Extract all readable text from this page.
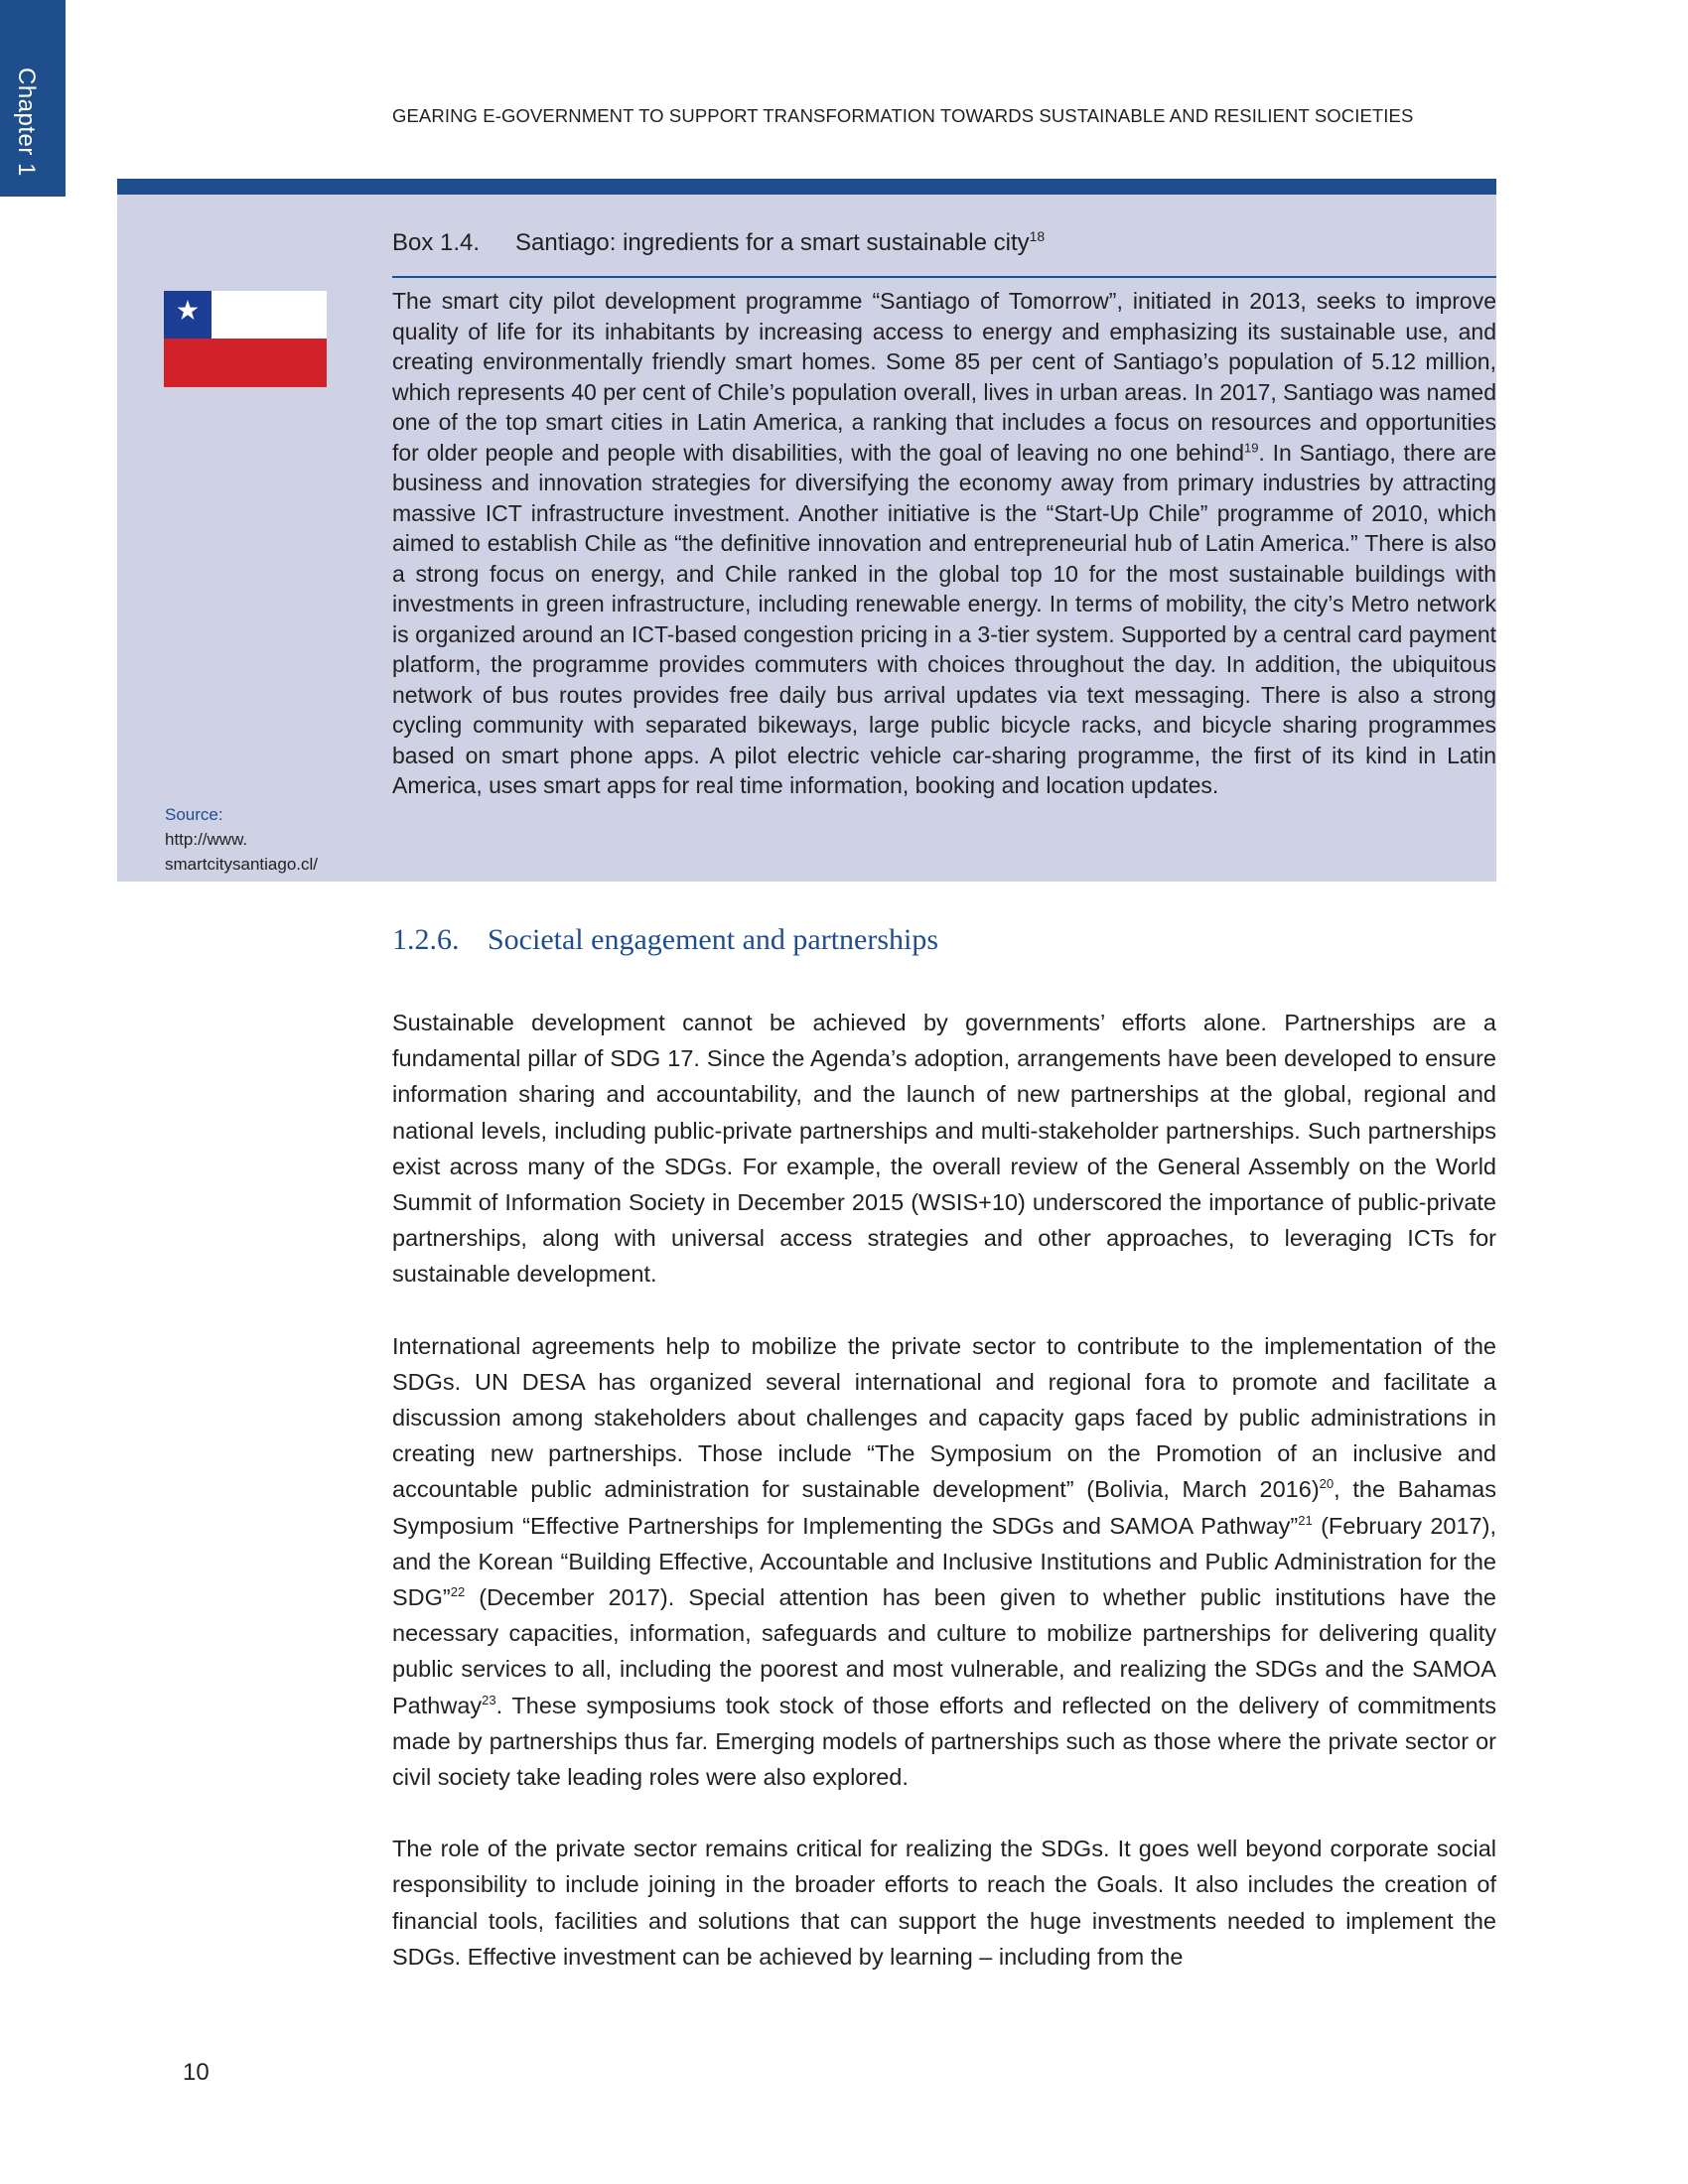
Chapter 1	GEARING E-GOVERNMENT TO SUPPORT TRANSFORMATION TOWARDS SUSTAINABLE AND RESILIENT SOCIETIES
Box 1.4. Santiago: ingredients for a smart sustainable city$^{18}$
Source:
http://www.
smartcitysantiago.cl/
The smart city pilot development programme “Santiago of Tomorrow”, initiated in 2013, seeks to improve quality of life for its inhabitants by increasing access to energy and emphasizing its sustainable use, and creating environmentally friendly smart homes. Some 85 per cent of Santiago’s population of 5.12 million, which represents 40 per cent of Chile’s population overall, lives in urban areas. In 2017, Santiago was named one of the top smart cities in Latin America, a ranking that includes a focus on resources and opportunities for older people and people with disabilities, with the goal of leaving no one behind$^{19}$. In Santiago, there are business and innovation strategies for diversifying the economy away from primary industries by attracting massive ICT infrastructure investment. Another initiative is the “Start-Up Chile” programme of 2010, which aimed to establish Chile as “the definitive innovation and entrepreneurial hub of Latin America.” There is also a strong focus on energy, and Chile ranked in the global top 10 for the most sustainable buildings with investments in green infrastructure, including renewable energy. In terms of mobility, the city’s Metro network is organized around an ICT-based congestion pricing in a 3-tier system. Supported by a central card payment platform, the programme provides commuters with choices throughout the day. In addition, the ubiquitous network of bus routes provides free daily bus arrival updates via text messaging. There is also a strong cycling community with separated bikeways, large public bicycle racks, and bicycle sharing programmes based on smart phone apps. A pilot electric vehicle car-sharing programme, the first of its kind in Latin America, uses smart apps for real time information, booking and location updates.
1.2.6. Societal engagement and partnerships

Sustainable development cannot be achieved by governments’ efforts alone. Partnerships are a fundamental pillar of SDG 17. Since the Agenda’s adoption, arrangements have been developed to ensure information sharing and accountability, and the launch of new partnerships at the global, regional and national levels, including public-private partnerships and multi-stakeholder partnerships. Such partnerships exist across many of the SDGs. For example, the overall review of the General Assembly on the World Summit of Information Society in December 2015 (WSIS+10) underscored the importance of public-private partnerships, along with universal access strategies and other approaches, to leveraging ICTs for sustainable development.

International agreements help to mobilize the private sector to contribute to the implementation of the SDGs. UN DESA has organized several international and regional fora to promote and facilitate a discussion among stakeholders about challenges and capacity gaps faced by public administrations in creating new partnerships. Those include “The Symposium on the Promotion of an inclusive and accountable public administration for sustainable development” (Bolivia, March 2016)$^{20}$, the Bahamas Symposium “Effective Partnerships for Implementing the SDGs and SAMOA Pathway”$^{21}$ (February 2017), and the Korean “Building Effective, Accountable and Inclusive Institutions and Public Administration for the SDG”$^{22}$ (December 2017). Special attention has been given to whether public institutions have the necessary capacities, information, safeguards and culture to mobilize partnerships for delivering quality public services to all, including the poorest and most vulnerable, and realizing the SDGs and the SAMOA Pathway$^{23}$. These symposiums took stock of those efforts and reflected on the delivery of commitments made by partnerships thus far. Emerging models of partnerships such as those where the private sector or civil society take leading roles were also explored.

The role of the private sector remains critical for realizing the SDGs. It goes well beyond corporate social responsibility to include joining in the broader efforts to reach the Goals. It also includes the creation of financial tools, facilities and solutions that can support the huge investments needed to implement the SDGs. Effective investment can be achieved by learning – including from the

10
